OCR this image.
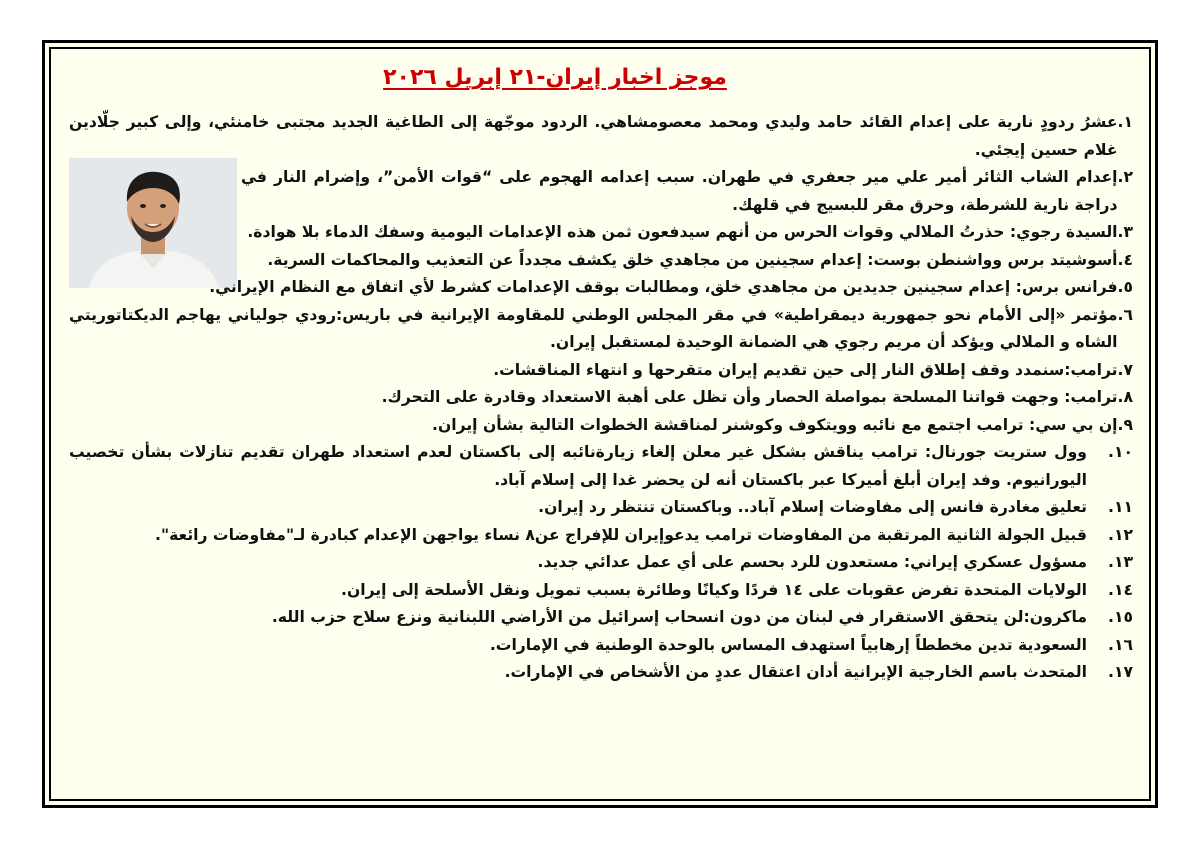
موجز اخبار إيران-٢١ إبريل ٢٠٢٦
١.
عشرُ ردودٍ نارية على إعدام القائد حامد وليدي ومحمد معصومشاهي. الردود موجّهة إلى الطاغية الجديد مجتبى خامنئي، وإلى كبير جلّادين غلام حسين إيجئي.
٢.
إعدام الشاب الثائر أمير علي مير جعفري في طهران. سبب إعدامه الهجوم على “قوات الأمن”، وإضرام النار في دراجة نارية للشرطة، وحرق مقر للبسيج في قلهك.
٣.
السيدة رجوي: حذرتُ الملالي وقوات الحرس من أنهم سيدفعون ثمن هذه الإعدامات اليومية وسفك الدماء بلا هوادة.
٤.
أسوشيتد برس وواشنطن بوست: إعدام سجينين من مجاهدي خلق يكشف مجدداً عن التعذيب والمحاكمات السرية.
٥.
فرانس برس: إعدام سجينين جديدين من مجاهدي خلق، ومطالبات بوقف الإعدامات كشرط لأي اتفاق مع النظام الإيراني.
٦.
مؤتمر «إلى الأمام نحو جمهورية ديمقراطية» في مقر المجلس الوطني للمقاومة الإيرانية في باريس:رودي جولياني يهاجم الديكتاتوريتي الشاه و الملالي ويؤكد أن مريم رجوي هي الضمانة الوحيدة لمستقبل إيران.
٧.
ترامب:سنمدد وقف إطلاق النار إلى حين تقديم إيران متقرحها و انتهاء المناقشات.
٨.
ترامب: وجهت قواتنا المسلحة بمواصلة الحصار وأن تظل على أهبة الاستعداد وقادرة على التحرك.
٩.
إن بي سي: ترامب اجتمع مع نائبه وويتكوف وكوشنر لمناقشة الخطوات التالية بشأن إيران.
١٠.
وول ستريت جورنال: ترامب يناقش بشكل غير معلن إلغاء زيارةنائبه إلى باكستان لعدم استعداد طهران تقديم تنازلات بشأن تخصيب اليورانيوم. وفد إيران أبلغ أميركا عبر باكستان أنه لن يحضر غدا إلى إسلام آباد.
١١.
تعليق مغادرة فانس إلى مفاوضات إسلام آباد.. وباكستان تنتظر رد إيران.
١٢.
قبيل الجولة الثانية المرتقبة من المفاوضات ترامب يدعوإيران للإفراج عن٨ نساء يواجهن الإعدام كبادرة لـ"مفاوضات رائعة".
١٣.
مسؤول عسكري إيراني: مستعدون للرد بحسم على أي عمل عدائي جديد.
١٤.
الولايات المتحدة تفرض عقوبات على ١٤ فردًا وكيانًا وطائرة بسبب تمويل ونقل الأسلحة إلى إيران.
١٥.
ماكرون:لن يتحقق الاستقرار في لبنان من دون انسحاب إسرائيل من الأراضي اللبنانية ونزع سلاح حزب الله.
١٦.
السعودية تدين مخططاً إرهابياً استهدف المساس بالوحدة الوطنية في الإمارات.
١٧.
المتحدث باسم الخارجية الإيرانية أدان اعتقال عددٍ من الأشخاص في الإمارات.
